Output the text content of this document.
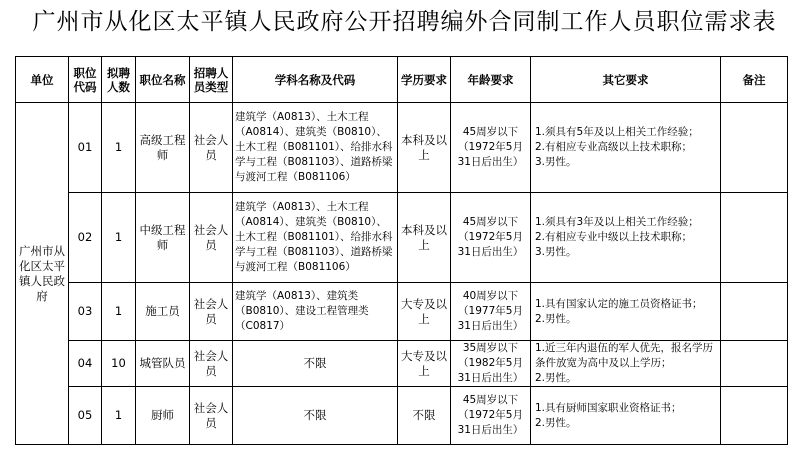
广州市从化区太平镇人民政府公开招聘编外合同制工作人员职位需求表
单位	职位代码	拟聘人数	职位名称	招聘人员类型	学科名称及代码	学历要求	年龄要求	其它要求	备注
广州市从化区太平镇人民政府	01	1	高级工程师	社会人员	建筑学（A0813）、土木工程（A0814）、建筑类（B0810）、土木工程（B081101）、给排水科学与工程（B081103）、道路桥梁与渡河工程（B081106）	本科及以上	45周岁以下（1972年5月31日后出生）	1.须具有5年及以上相关工作经验；
2.有相应专业高级以上技术职称；
3.男性。	

	02	1	中级工程师	社会人员	建筑学（A0813）、土木工程（A0814）、建筑类（B0810）、土木工程（B081101）、给排水科学与工程（B081103）、道路桥梁与渡河工程（B081106）	本科及以上	45周岁以下（1972年5月31日后出生）	1.须具有3年及以上相关工作经验；
2.有相应专业中级以上技术职称；
3.男性。	

	03	1	施工员	社会人员	建筑学（A0813）、建筑类（B0810）、建设工程管理类（C0817）	大专及以上	40周岁以下（1977年5月31日后出生）	1.具有国家认定的施工员资格证书；
2.男性。	

	04	10	城管队员	社会人员	不限	大专及以上	35周岁以下（1982年5月31日后出生）	1.近三年内退伍的军人优先，报名学历条件放宽为高中及以上学历；
2.男性。	

	05	1	厨师	社会人员	不限	不限	45周岁以下（1972年5月31日后出生）	1.具有厨师国家职业资格证书；
2.男性。	
